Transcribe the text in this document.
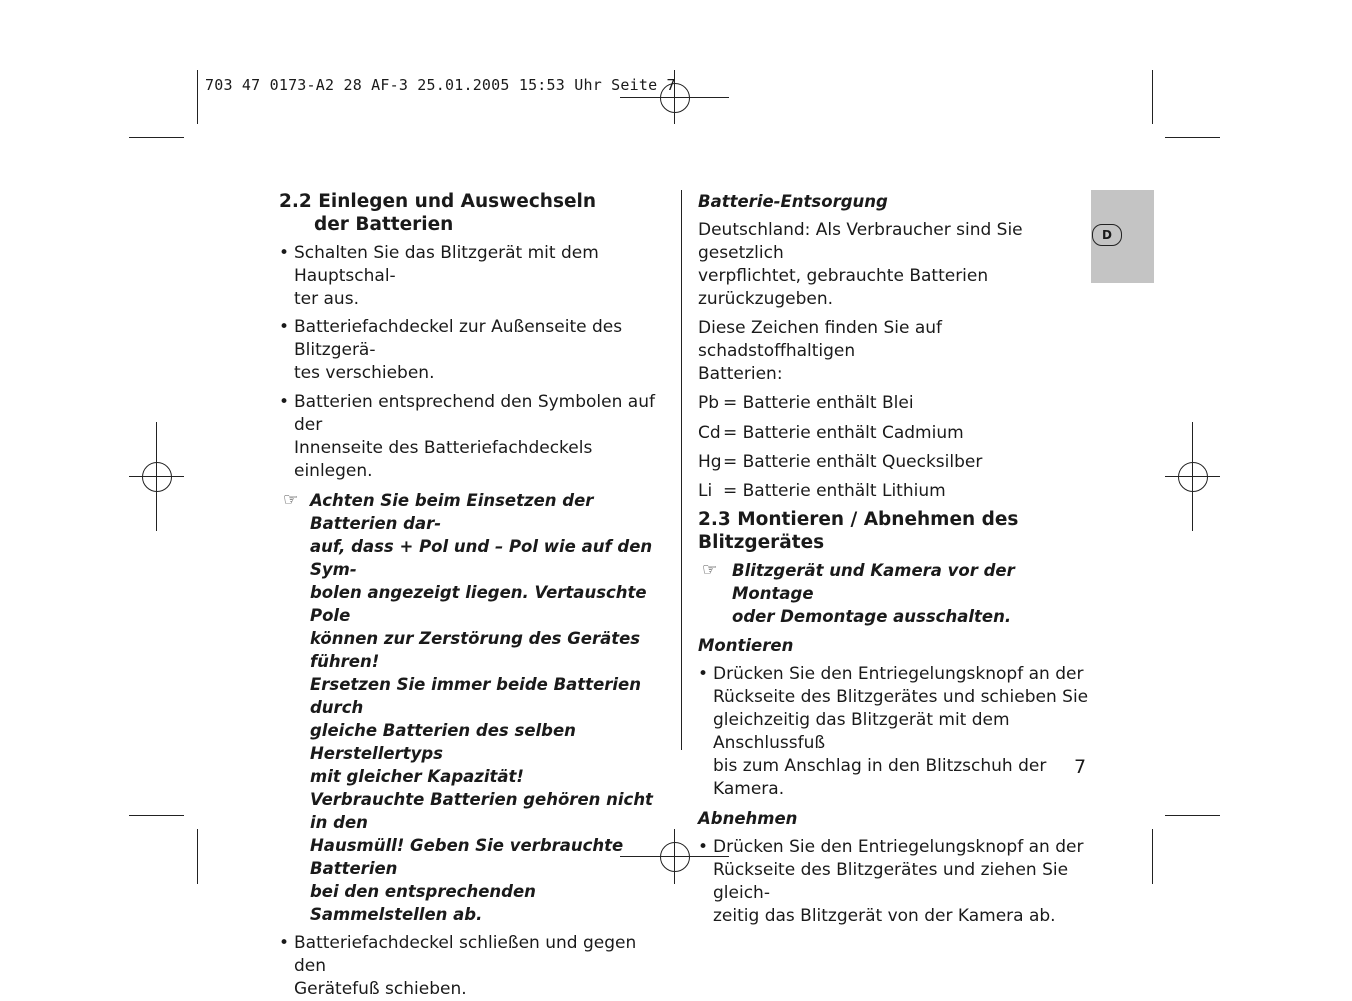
703 47 0173-A2 28 AF-3 25.01.2005 15:53 Uhr Seite 7
D
2.2 Einlegen und Auswechseln
der Batterien
• Schalten Sie das Blitzgerät mit dem Hauptschal-
ter aus.
• Batteriefachdeckel zur Außenseite des Blitzgerä-
tes verschieben.
• Batterien entsprechend den Symbolen auf der
Innenseite des Batteriefachdeckels einlegen.
☞ Achten Sie beim Einsetzen der Batterien dar-
auf, dass + Pol und – Pol wie auf den Sym-
bolen angezeigt liegen. Vertauschte Pole
können zur Zerstörung des Gerätes führen!
Ersetzen Sie immer beide Batterien durch
gleiche Batterien des selben Herstellertyps
mit gleicher Kapazität!
Verbrauchte Batterien gehören nicht in den
Hausmüll! Geben Sie verbrauchte Batterien
bei den entsprechenden Sammelstellen ab.
• Batteriefachdeckel schließen und gegen den
Gerätefuß schieben.
Batterie-Entsorgung
Deutschland: Als Verbraucher sind Sie gesetzlich
verpflichtet, gebrauchte Batterien zurückzugeben.
Diese Zeichen finden Sie auf schadstoffhaltigen
Batterien:
Pb = Batterie enthält Blei
Cd = Batterie enthält Cadmium
Hg= Batterie enthält Quecksilber
Li = Batterie enthält Lithium
2.3 Montieren / Abnehmen des Blitzgerätes
☞ Blitzgerät und Kamera vor der Montage
oder Demontage ausschalten.
Montieren
• Drücken Sie den Entriegelungsknopf an der
Rückseite des Blitzgerätes und schieben Sie
gleichzeitig das Blitzgerät mit dem Anschlussfuß
bis zum Anschlag in den Blitzschuh der Kamera.
Abnehmen
• Drücken Sie den Entriegelungsknopf an der
Rückseite des Blitzgerätes und ziehen Sie gleich-
zeitig das Blitzgerät von der Kamera ab.
7
